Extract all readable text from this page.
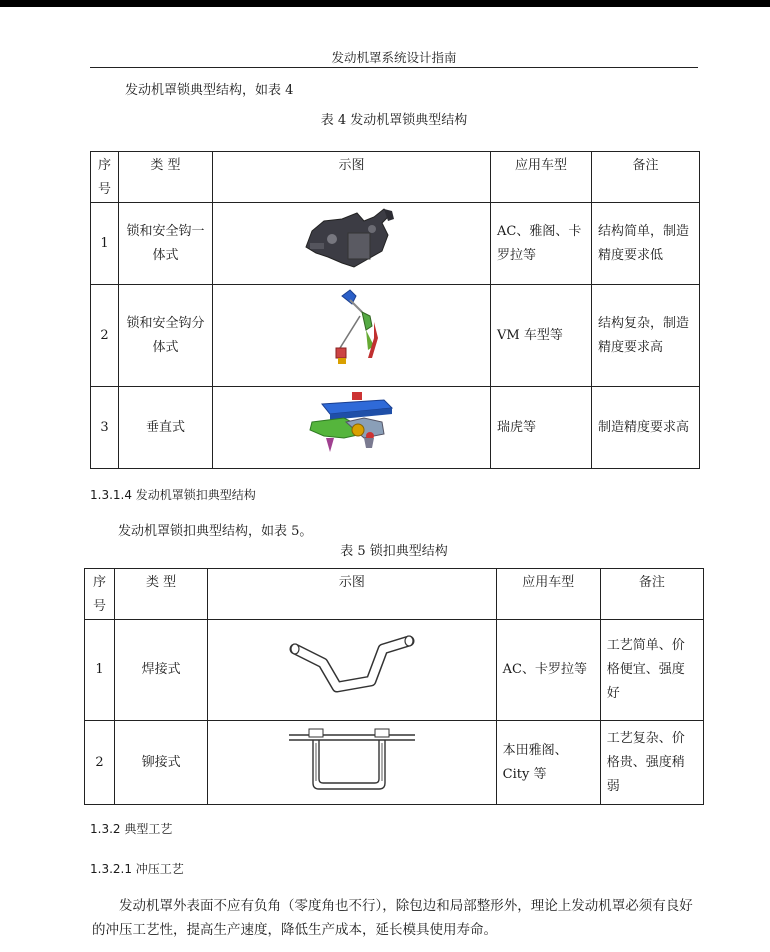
发动机罩系统设计指南
发动机罩锁典型结构，如表 4
表 4 发动机罩锁典型结构
序号	类 型	示图	应用车型	备注
1	锁和安全钩一体式		AC、雅阁、卡罗拉等	结构简单，制造精度要求低
2	锁和安全钩分体式		VM 车型等	结构复杂，制造精度要求高
3	垂直式		瑞虎等	制造精度要求高
1.3.1.4 发动机罩锁扣典型结构
发动机罩锁扣典型结构，如表 5。
表 5 锁扣典型结构
序号	类 型	示图	应用车型	备注
1	焊接式		AC、卡罗拉等	工艺简单、价格便宜、强度好
2	铆接式		本田雅阁、City 等	工艺复杂、价格贵、强度稍弱
1.3.2 典型工艺
1.3.2.1 冲压工艺
发动机罩外表面不应有负角（零度角也不行），除包边和局部整形外，理论上发动机罩必须有良好的冲压工艺性，提高生产速度，降低生产成本，延长模具使用寿命。
